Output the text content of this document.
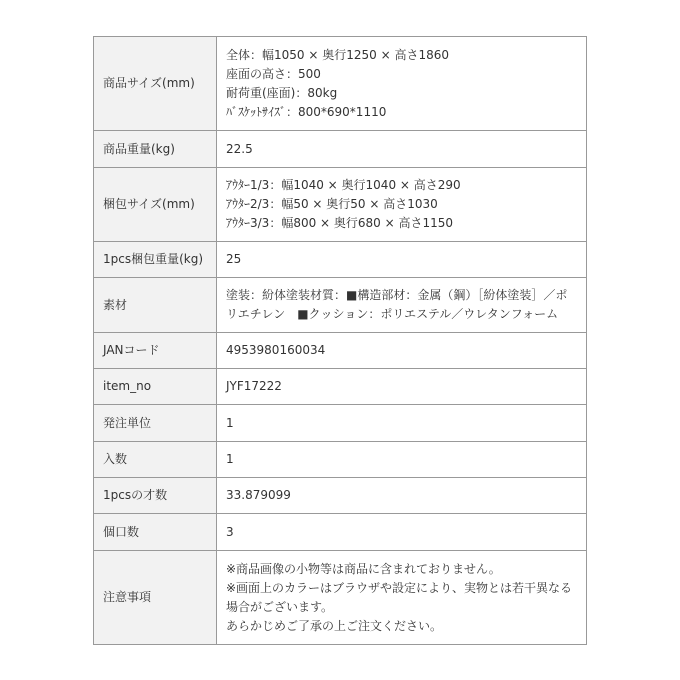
商品サイズ(mm)	全体：幅1050 × 奥行1250 × 高さ1860
座面の高さ：500
耐荷重(座面)：80kg
ﾊﾞｽｹｯﾄｻｲｽﾞ：800*690*1110

商品重量(kg)	22.5
梱包サイズ(mm)	ｱｳﾀｰ1/3：幅1040 × 奥行1040 × 高さ290
ｱｳﾀｰ2/3：幅50 × 奥行50 × 高さ1030
ｱｳﾀｰ3/3：幅800 × 奥行680 × 高さ1150

1pcs梱包重量(kg)	25
素材	塗装：紛体塗装材質：■構造部材：金属（鋼）［紛体塗装］／ポリエチレン　■クッション：ポリエステル／ウレタンフォーム

JANコード	4953980160034
item_no	JYF17222
発注単位	1
入数	1
1pcsの才数	33.879099
個口数	3
注意事項	※商品画像の小物等は商品に含まれておりません。
※画面上のカラーはブラウザや設定により、実物とは若干異なる場合がございます。
あらかじめご了承の上ご注文ください。
